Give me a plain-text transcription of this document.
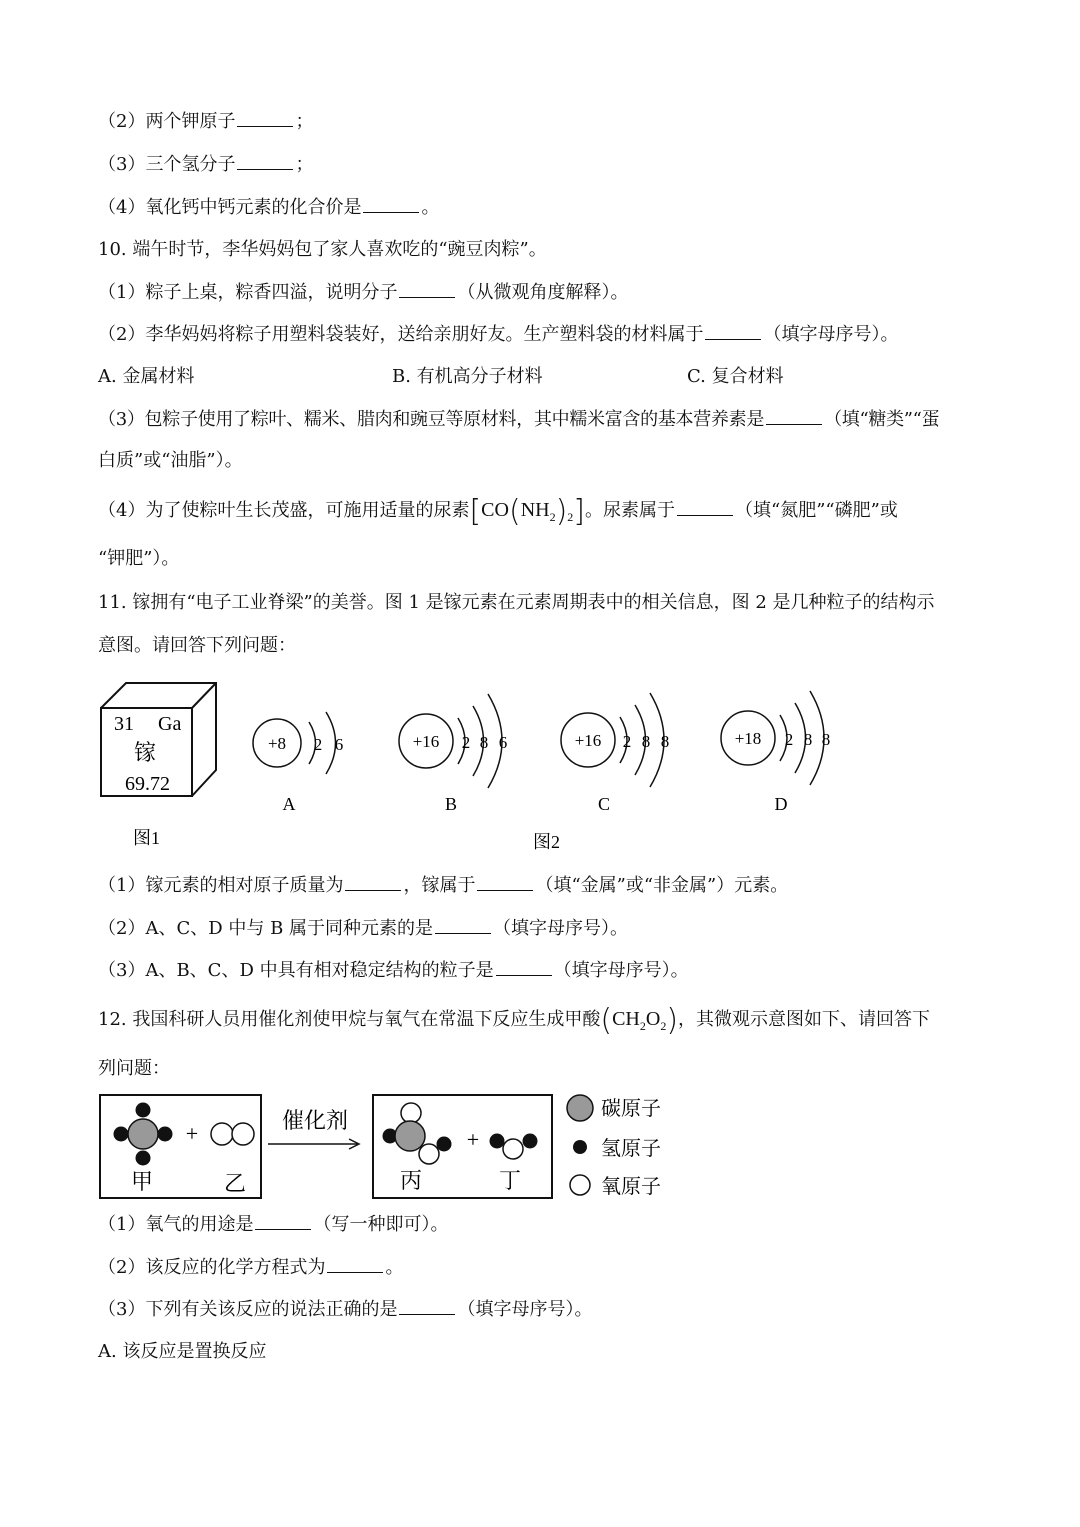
（2）两个钾原子	；
（3）三个氢分子	；
（4）氧化钙中钙元素的化合价是	。
10. 端午时节，李华妈妈包了家人喜欢吃的“豌豆肉粽”。
（1）粽子上桌，粽香四溢，说明分子	（从微观角度解释）。
（2）李华妈妈将粽子用塑料袋装好，送给亲朋好友。生产塑料袋的材料属于	（填字母序号）。
A. 金属材料	B. 有机高分子材料	C. 复合材料
（3）包粽子使用了粽叶、糯米、腊肉和豌豆等原材料，其中糯米富含的基本营养素是	（填“糖类”“蛋
白质”或“油脂”）。
（4）为了使粽叶生长茂盛，可施用适量的尿素$[CO(NH_2)_2]$。尿素属于	（填“氮肥”“磷肥”或
“钾肥”）。
11. 镓拥有“电子工业脊梁”的美誉。图 1 是镓元素在元素周期表中的相关信息，图 2 是几种粒子的结构示
意图。请回答下列问题：
31 Ga
镓
69.72
图1
+8 2 6
A
+16 2 8 6
B
+16 2 8 8
C
+18 2 8 8
D
图2
（1）镓元素的相对原子质量为	，镓属于	（填“金属”或“非金属”）元素。
（2）A、C、D 中与 B 属于同种元素的是	（填字母序号）。
（3）A、B、C、D 中具有相对稳定结构的粒子是	（填字母序号）。
12. 我国科研人员用催化剂使甲烷与氧气在常温下反应生成甲酸$(CH_2O_2)$，其微观示意图如下、请回答下
列问题：
+
甲	乙
催化剂
+
丙	丁
碳原子
氢原子
氧原子
（1）氧气的用途是	（写一种即可）。
（2）该反应的化学方程式为	。
（3）下列有关该反应的说法正确的是	（填字母序号）。
A. 该反应是置换反应
